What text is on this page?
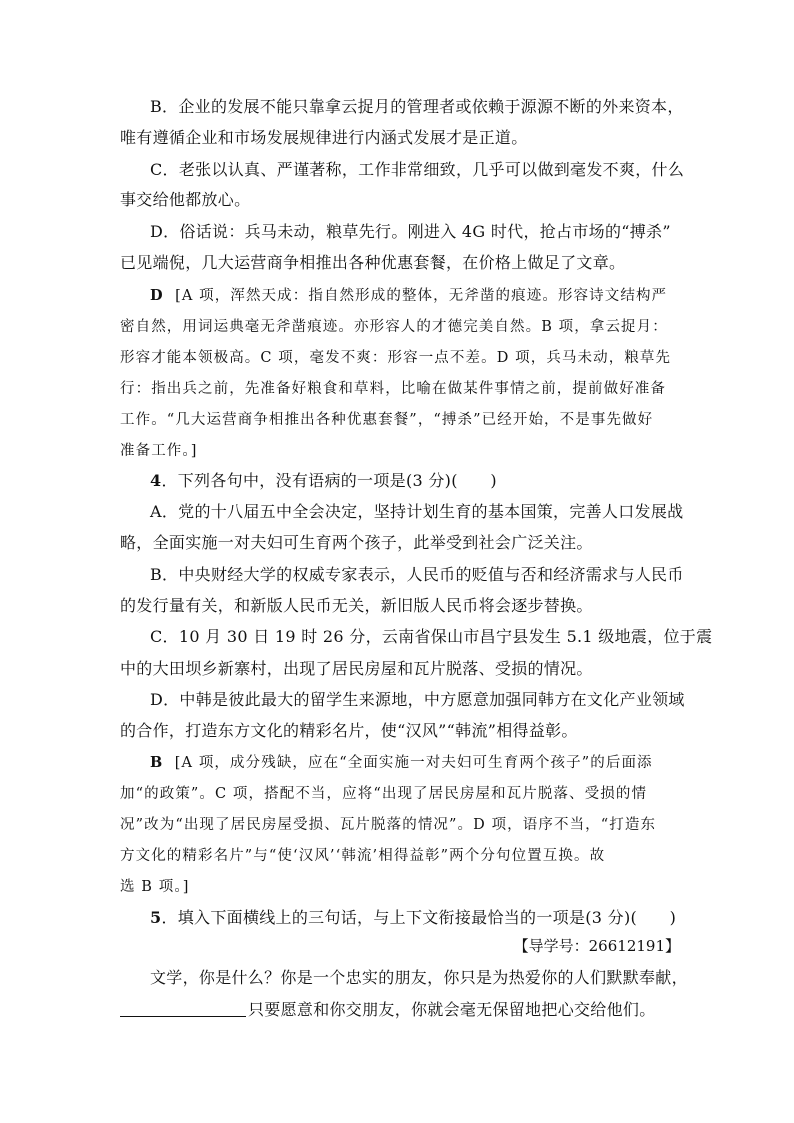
B．企业的发展不能只靠拿云捉月的管理者或依赖于源源不断的外来资本，
唯有遵循企业和市场发展规律进行内涵式发展才是正道。
C．老张以认真、严谨著称，工作非常细致，几乎可以做到毫发不爽，什么
事交给他都放心。
D．俗话说：兵马未动，粮草先行。刚进入 4G 时代，抢占市场的“搏杀”
已见端倪，几大运营商争相推出各种优惠套餐，在价格上做足了文章。
D [A 项，浑然天成：指自然形成的整体，无斧凿的痕迹。形容诗文结构严
密自然，用词运典毫无斧凿痕迹。亦形容人的才德完美自然。B 项，拿云捉月：
形容才能本领极高。C 项，毫发不爽：形容一点不差。D 项，兵马未动，粮草先
行：指出兵之前，先准备好粮食和草料，比喻在做某件事情之前，提前做好准备
工作。“几大运营商争相推出各种优惠套餐”，“搏杀”已经开始，不是事先做好
准备工作。]
4．下列各句中，没有语病的一项是(3 分)(　　)
A．党的十八届五中全会决定，坚持计划生育的基本国策，完善人口发展战
略，全面实施一对夫妇可生育两个孩子，此举受到社会广泛关注。
B．中央财经大学的权威专家表示，人民币的贬值与否和经济需求与人民币
的发行量有关，和新版人民币无关，新旧版人民币将会逐步替换。
C．10 月 30 日 19 时 26 分，云南省保山市昌宁县发生 5.1 级地震，位于震
中的大田坝乡新寨村，出现了居民房屋和瓦片脱落、受损的情况。
D．中韩是彼此最大的留学生来源地，中方愿意加强同韩方在文化产业领域
的合作，打造东方文化的精彩名片，使“汉风”“韩流”相得益彰。
B [A 项，成分残缺，应在“全面实施一对夫妇可生育两个孩子”的后面添
加“的政策”。C 项，搭配不当，应将“出现了居民房屋和瓦片脱落、受损的情
况”改为“出现了居民房屋受损、瓦片脱落的情况”。D 项，语序不当，“打造东
方文化的精彩名片”与“使‘汉风’‘韩流’相得益彰”两个分句位置互换。故
选 B 项。]
5．填入下面横线上的三句话，与上下文衔接最恰当的一项是(3 分)(　　)
【导学号：26612191】
文学，你是什么？你是一个忠实的朋友，你只是为热爱你的人们默默奉献，
只要愿意和你交朋友，你就会毫无保留地把心交给他们。
